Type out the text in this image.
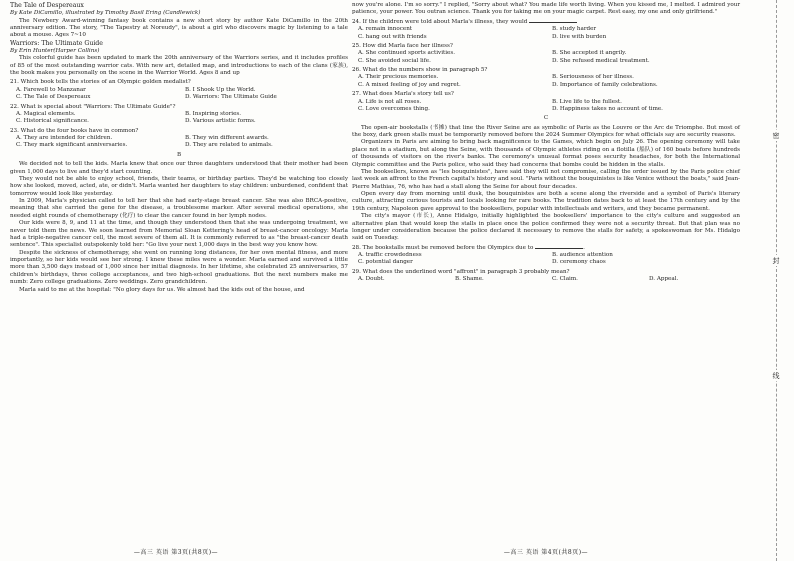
The Tale of Despereaux

By Kate DiCamillo, illustrated by Timothy Basil Ering (Candlewick)

The Newbery Award-winning fantasy book contains a new short story by author Kate DiCamillo in the 20th anniversary edition. The story, "The Tapestry at Noreudy", is about a girl who discovers magic by listening to a tale about a mouse. Ages 7~10

Warriors: The Ultimate Guide

By Erin Hunter(Harper Collins)

This colorful guide has been updated to mark the 20th anniversary of the Warriors series, and it includes profiles of 85 of the most outstanding warrior cats. With new art, detailed map, and introductions to each of the clans (家族), the book makes you personally on the scene in the Warrior World. Ages 8 and up

21. Which book tells the stories of an Olympic golden medalist?

A. Farewell to Manzanar	B. I Shook Up the World.
C. The Tale of Despereaux	D. Warriors: The Ultimate Guide

22. What is special about "Warriors: The Ultimate Guide"?

A. Magical elements.	B. Inspiring stories.
C. Historical significance.	D. Various artistic forms.

23. What do the four books have in common?

A. They are intended for children.	B. They win different awards.
C. They mark significant anniversaries.	D. They are related to animals.

B

We decided not to tell the kids. Marla knew that once our three daughters understood that their mother had been given 1,000 days to live and they'd start counting.

They would not be able to enjoy school, friends, their teams, or birthday parties. They'd be watching too closely how she looked, moved, acted, ate, or didn't. Marla wanted her daughters to stay children: unburdened, confident that tomorrow would look like yesterday.

In 2009, Marla's physician called to tell her that she had early-stage breast cancer. She was also BRCA-positive, meaning that she carried the gene for the disease, a troublesome marker. After several medical operations, she needed eight rounds of chemotherapy (化疗) to clear the cancer found in her lymph nodes.

Our kids were 8, 9, and 11 at the time, and though they understood then that she was undergoing treatment, we never told them the news. We soon learned from Memorial Sloan Kettering's head of breast-cancer oncology: Marla had a triple-negative cancer cell, the most severe of them all. It is commonly referred to as "the breast-cancer death sentence". This specialist outspokenly told her: "Go live your next 1,000 days in the best way you know how.

Despite the sickness of chemotherapy, she went on running long distances, for her own mental fitness, and more importantly, so her kids would see her strong. I knew these miles were a wonder. Marla earned and survived a little more than 3,500 days instead of 1,000 since her initial diagnosis. In her lifetime, she celebrated 25 anniversaries, 57 children's birthdays, three college acceptances, and two high-school graduations. But the next numbers make me numb: Zero college graduations. Zero weddings. Zero grandchildren.

Marla said to me at the hospital: "No glory days for us. We almost had the kids out of the house, and

—高三 英语 第3页(共8页)—

now you're alone. I'm so sorry." I replied, "Sorry about what? You made life worth living. When you kissed me, I melted. I admired your patience, your power. You outran science. Thank you for taking me on your magic carpet. Rest easy, my one and only girlfriend."

24. If the children were told about Marla's illness, they would

A. remain innocent	B. study harder
C. hang out with friends	D. live with burden

25. How did Marla face her illness?

A. She continued sports activities.	B. She accepted it angrily.
C. She avoided social life.	D. She refused medical treatment.

26. What do the numbers show in paragraph 5?

A. Their precious memories.	B. Seriousness of her illness.
C. A mixed feeling of joy and regret.	D. Importance of family celebrations.

27. What does Marla's story tell us?

A. Life is not all roses.	B. Live life to the fullest.
C. Love overcomes thing.	D. Happiness takes no account of time.

C

The open-air bookstalls (书摊) that line the River Seine are as symbolic of Paris as the Louvre or the Arc de Triomphe. But most of the boxy, dark green stalls must be temporarily removed before the 2024 Summer Olympics for what officials say are security reasons.

Organizers in Paris are aiming to bring back magnificence to the Games, which begin on July 26. The opening ceremony will take place not in a stadium, but along the Seine, with thousands of Olympic athletes riding on a flotilla (船队) of 160 boats before hundreds of thousands of visitors on the river's banks. The ceremony's unusual format poses security headaches, for both the International Olympic committee and the Paris police, who said they had concerns that bombs could be hidden in the stalls.

The booksellers, known as "les bouquinistes", have said they will not compromise, calling the order issued by the Paris police chief last week an affront to the French capital's history and soul. "Paris without the bouquinistes is like Venice without the boats," said Jean-Pierre Mathias, 76, who has had a stall along the Seine for about four decades.

Open every day from morning until dusk, the bouquinistes are both a scene along the riverside and a symbol of Paris's literary culture, attracting curious tourists and locals looking for rare books. The tradition dates back to at least the 17th century and by the 19th century, Napoleon gave approval to the booksellers, popular with intellectuals and writers, and they became permanent.

The city's mayor (市长), Anne Hidalgo, initially highlighted the booksellers' importance to the city's culture and suggested an alternative plan that would keep the stalls in place once the police confirmed they were not a security threat. But that plan was no longer under consideration because the police declared it necessary to remove the stalls for safety, a spokeswoman for Ms. Hidalgo said on Tuesday.

28. The bookstalls must be removed before the Olympics due to	.

A. traffic crowdedness	B. audience attention
C. potential danger	D. ceremony chaos

29. What does the underlined word "affront" in paragraph 3 probably mean?

A. Doubt.	B. Shame.	C. Claim.	D. Appeal.
—高三 英语 第4页(共8页)—
密
封
线
